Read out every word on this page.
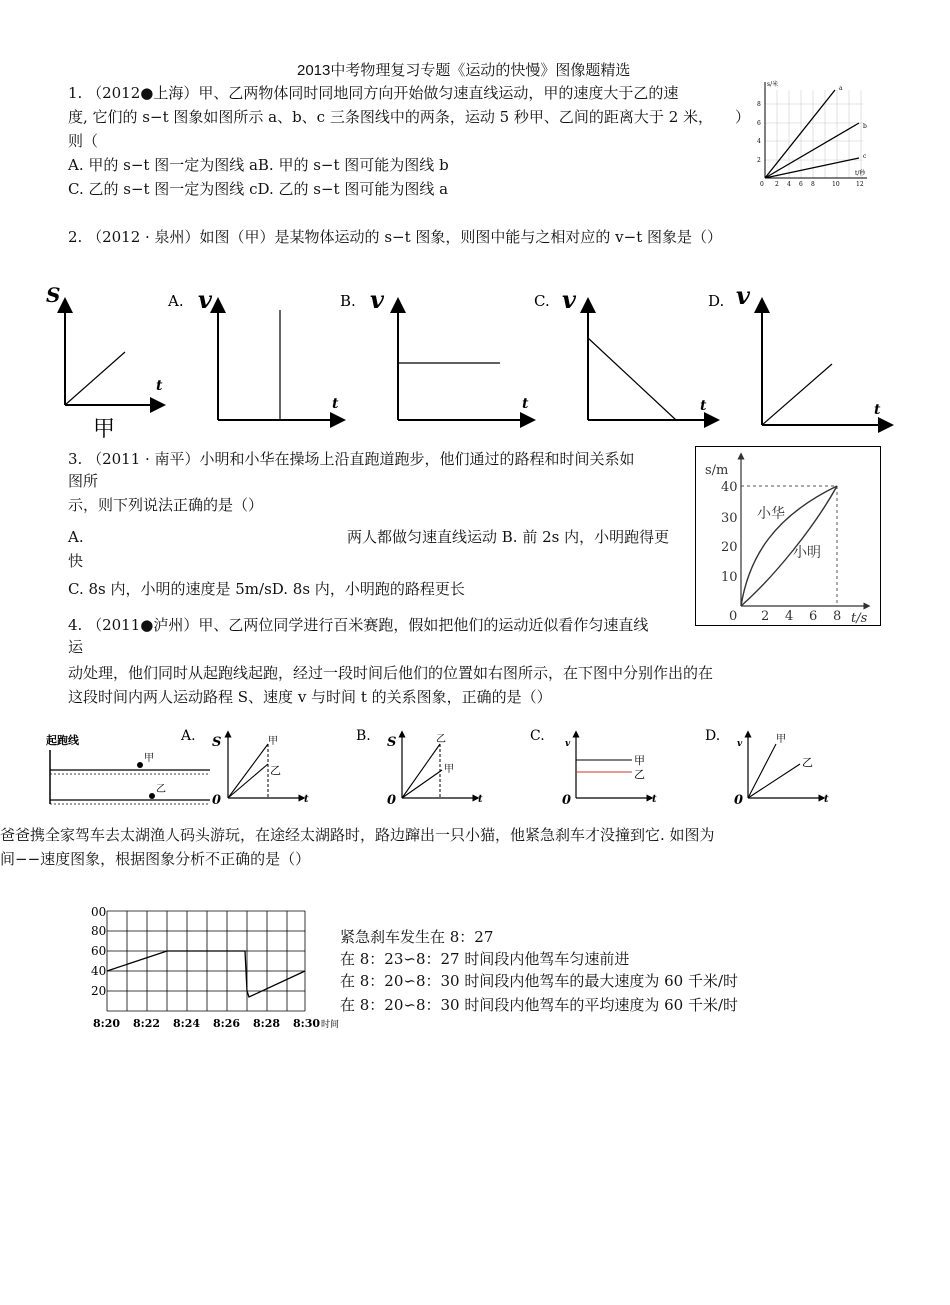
2013中考物理复习专题《运动的快慢》图像题精选
1. （2012●上海）甲、乙两物体同时同地同方向开始做匀速直线运动，甲的速度大于乙的速
度, 它们的 s−t 图象如图所示 a、b、c 三条图线中的两条，运动 5 秒甲、乙间的距离大于 2 米，
则（
）
A. 甲的 s−t 图一定为图线 aB. 甲的 s−t 图可能为图线 b
C. 乙的 s−t 图一定为图线 cD. 乙的 s−t 图可能为图线 a
s/米
t/秒
2
4
6
8
0 2 4 6 8	10	12
a
b
c
2. （2012 · 泉州）如图（甲）是某物体运动的 s−t 图象，则图中能与之相对应的 v−t 图象是（）
S
t
甲
A. v
t
B. v
t
C. v
t
D. v
t
3. （2011 · 南平）小明和小华在操场上沿直跑道跑步，他们通过的路程和时间关系如
图所
示，则下列说法正确的是（）
A.	两人都做匀速直线运动 B. 前 2s 内，小明跑得更
快
C. 8s 内，小明的速度是 5m/sD. 8s 内，小明跑的路程更长
s/m
t/s
10
20
30
40
0 2 4 6 8
小华
小明
4. （2011●泸州）甲、乙两位同学进行百米赛跑，假如把他们的运动近似看作匀速直线
运
动处理，他们同时从起跑线起跑，经过一段时间后他们的位置如右图所示，在下图中分别作出的在
这段时间内两人运动路程 S、速度 v 与时间 t 的关系图象，正确的是（）
起跑线
甲
乙
A. S
0
甲
乙
t
B. S
0
乙
甲
t
C. v
0
甲
乙
t
D. v
0
甲
乙
t
爸爸携全家驾车去太湖渔人码头游玩，在途经太湖路时，路边蹿出一只小猫，他紧急刹车才没撞到它. 如图为
间−−速度图象，根据图象分析不正确的是（）
20
40
60
80
00
8:20 8:22 8:24 8:26 8:28 8:30 时间
紧急刹车发生在 8：27
在 8：23∽8：27 时间段内他驾车匀速前进
在 8：20∽8：30 时间段内他驾车的最大速度为 60 千米/时
在 8：20∽8：30 时间段内他驾车的平均速度为 60 千米/时
